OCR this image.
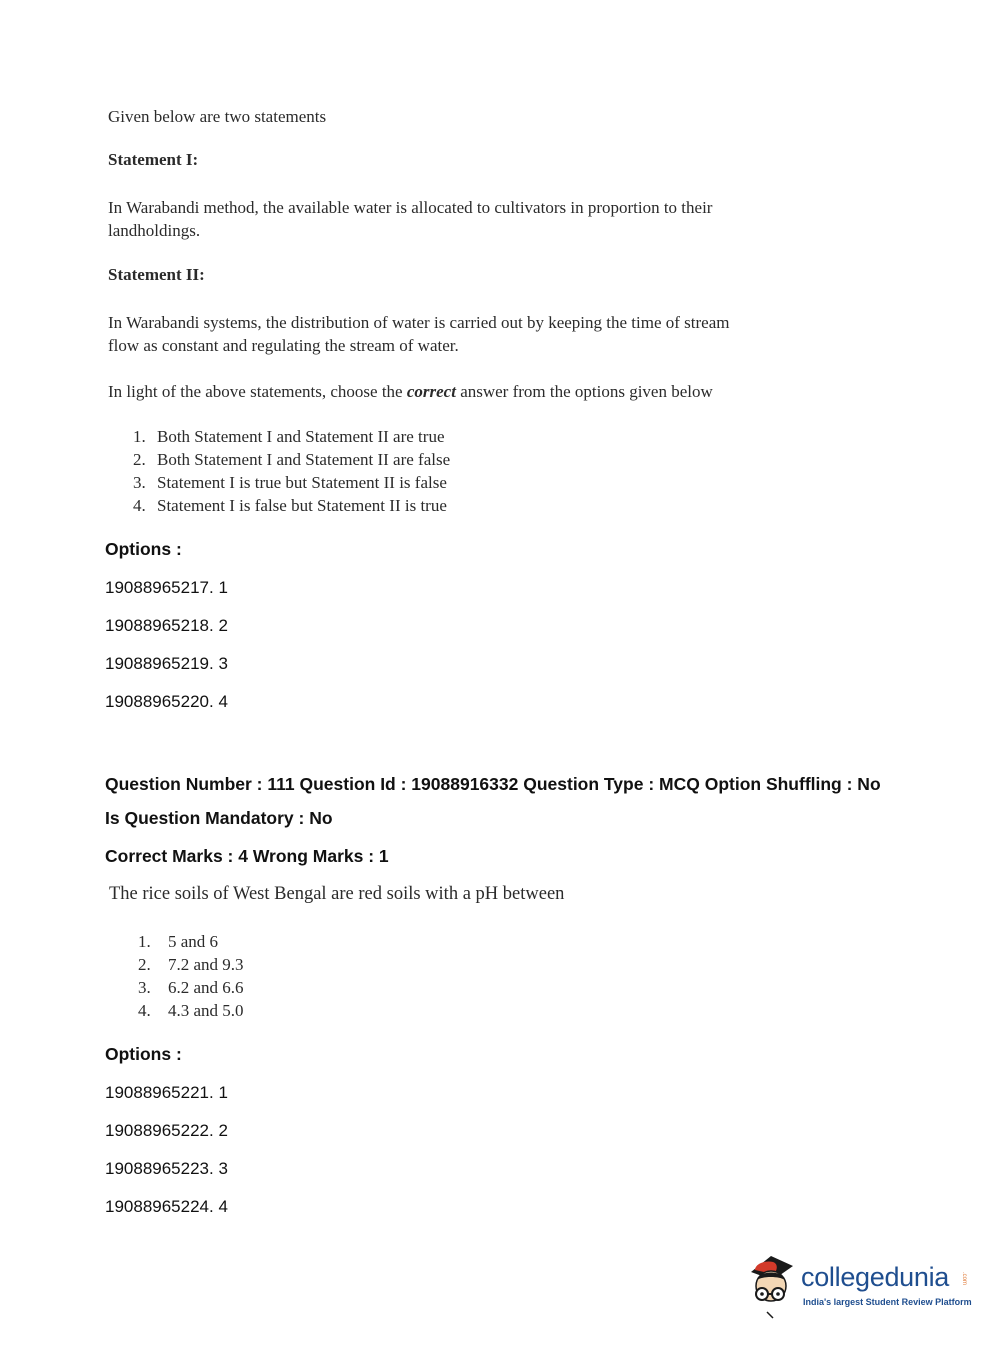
Given below are two statements
Statement I:
In Warabandi method, the available water is allocated to cultivators in proportion to their
landholdings.
Statement II:
In Warabandi systems, the distribution of water is carried out by keeping the time of stream
flow as constant and regulating the stream of water.
In light of the above statements, choose the correct answer from the options given below
1. Both Statement I and Statement II are true
2. Both Statement I and Statement II are false
3. Statement I is true but Statement II is false
4. Statement I is false but Statement II is true
Options :
19088965217. 1
19088965218. 2
19088965219. 3
19088965220. 4
Question Number : 111 Question Id : 19088916332 Question Type : MCQ Option Shuffling : No
Is Question Mandatory : No
Correct Marks : 4 Wrong Marks : 1
The rice soils of West Bengal are red soils with a pH between
1. 5 and 6
2. 7.2 and 9.3
3. 6.2 and 6.6
4. 4.3 and 5.0
Options :
19088965221. 1
19088965222. 2
19088965223. 3
19088965224. 4
collegedunia .com
India's largest Student Review Platform
